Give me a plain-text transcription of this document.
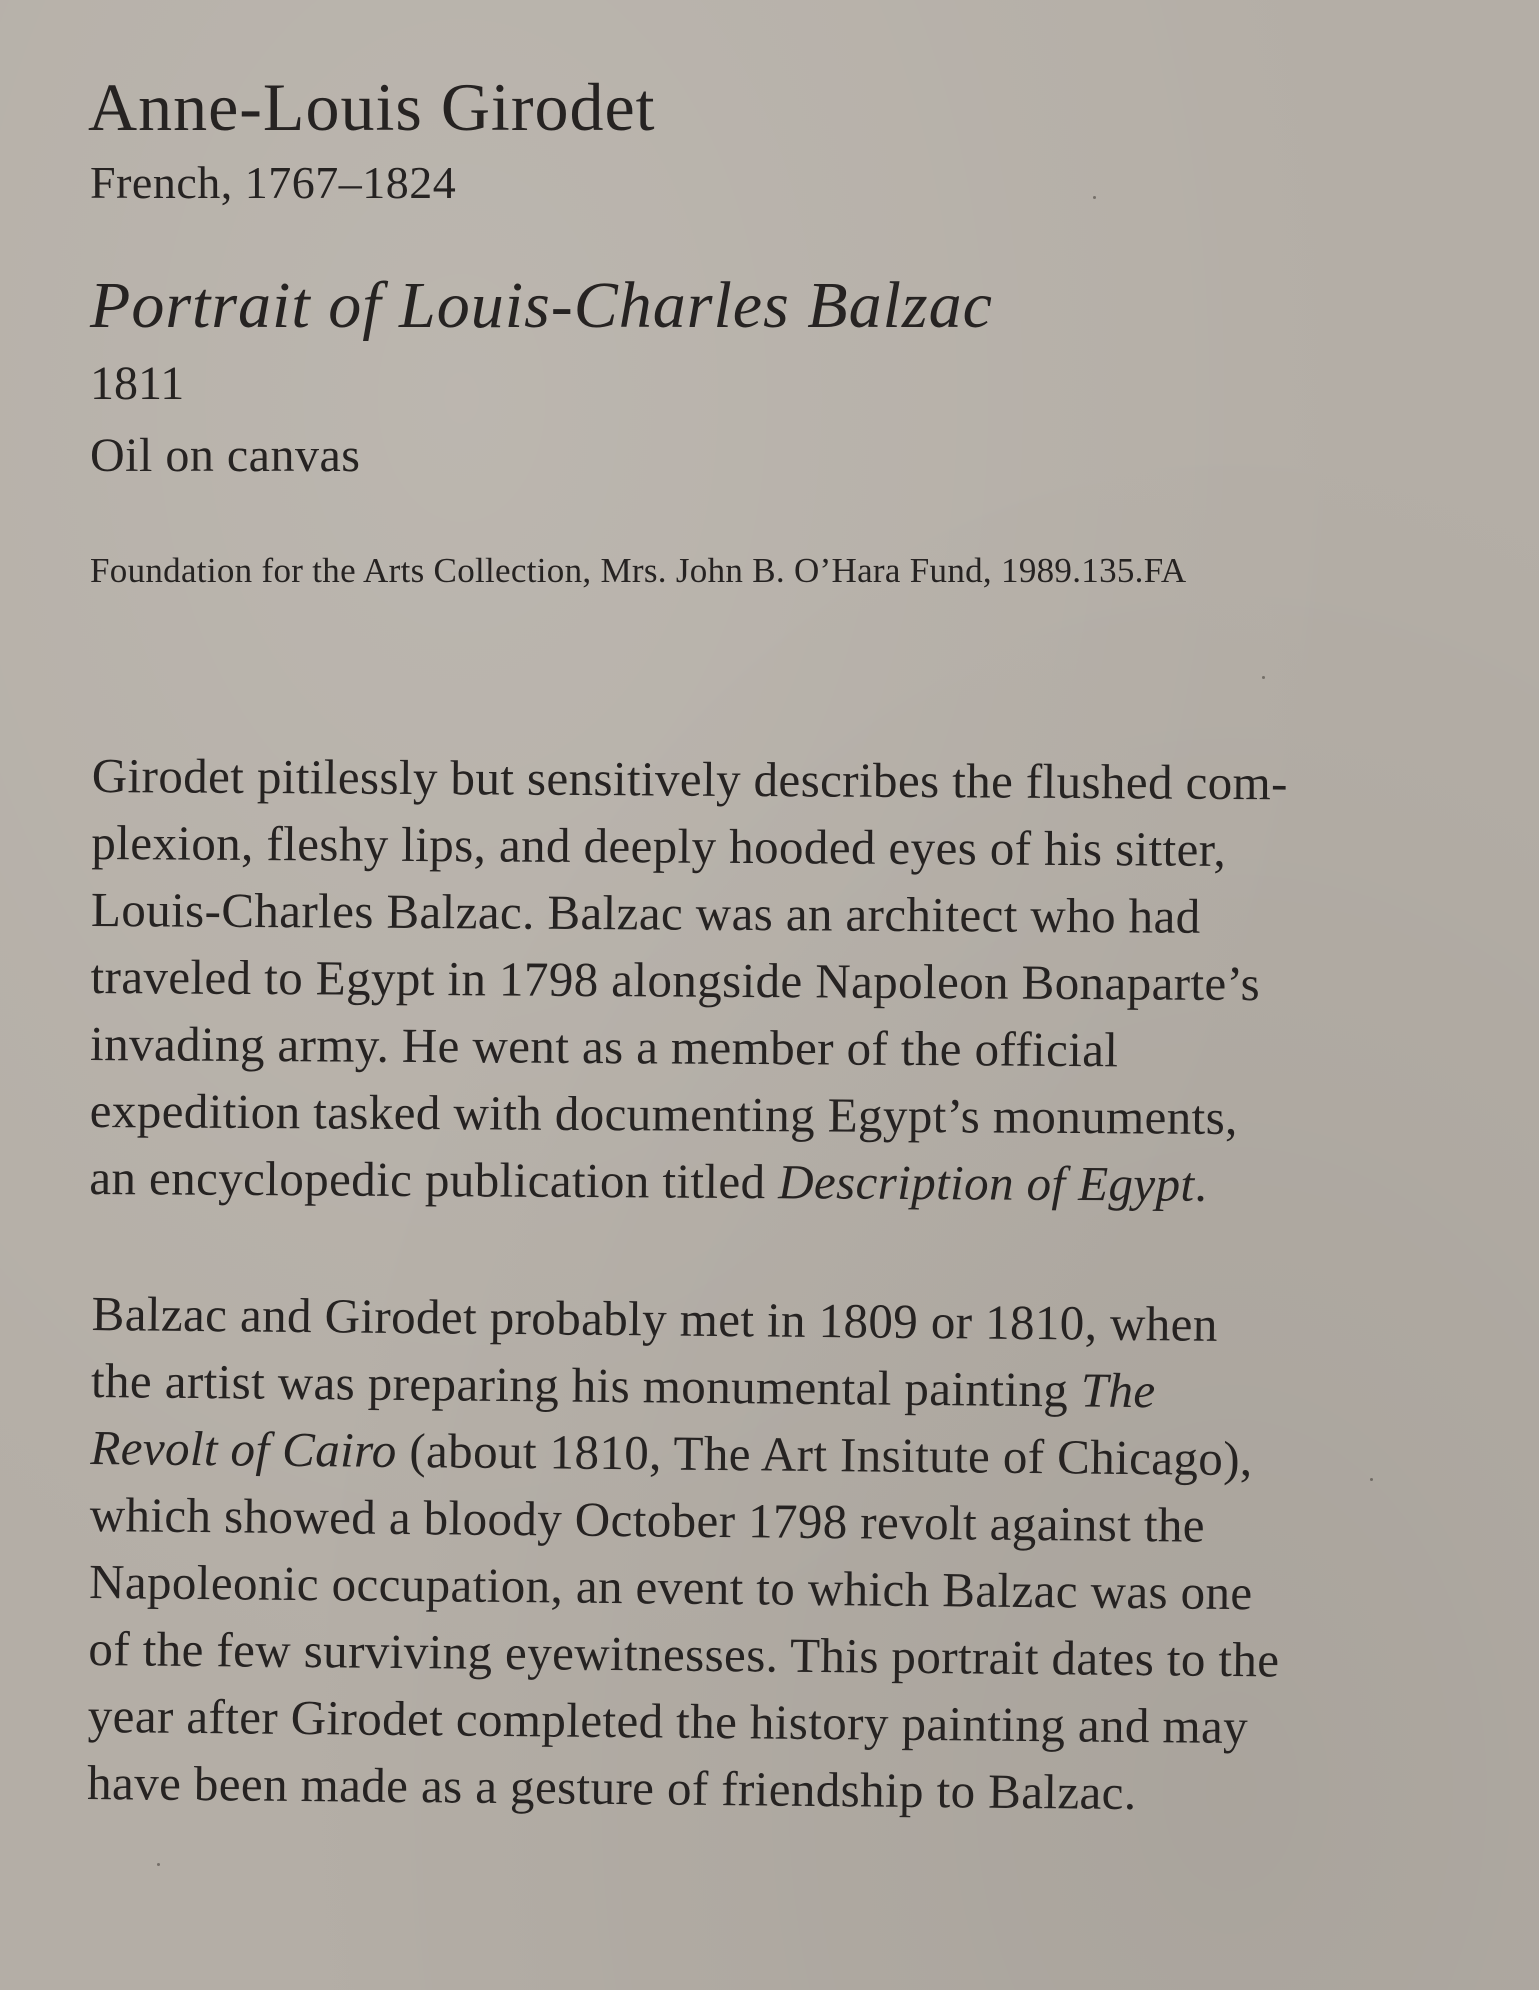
Anne-Louis Girodet
French, 1767–1824
Portrait of Louis-Charles Balzac
1811
Oil on canvas
Foundation for the Arts Collection, Mrs. John B. O’Hara Fund, 1989.135.FA
Girodet pitilessly but sensitively describes the flushed com-
plexion, fleshy lips, and deeply hooded eyes of his sitter,
Louis-Charles Balzac. Balzac was an architect who had
traveled to Egypt in 1798 alongside Napoleon Bonaparte’s
invading army. He went as a member of the official
expedition tasked with documenting Egypt’s monuments,
an encyclopedic publication titled Description of Egypt.
Balzac and Girodet probably met in 1809 or 1810, when
the artist was preparing his monumental painting The
Revolt of Cairo (about 1810, The Art Insitute of Chicago),
which showed a bloody October 1798 revolt against the
Napoleonic occupation, an event to which Balzac was one
of the few surviving eyewitnesses. This portrait dates to the
year after Girodet completed the history painting and may
have been made as a gesture of friendship to Balzac.
